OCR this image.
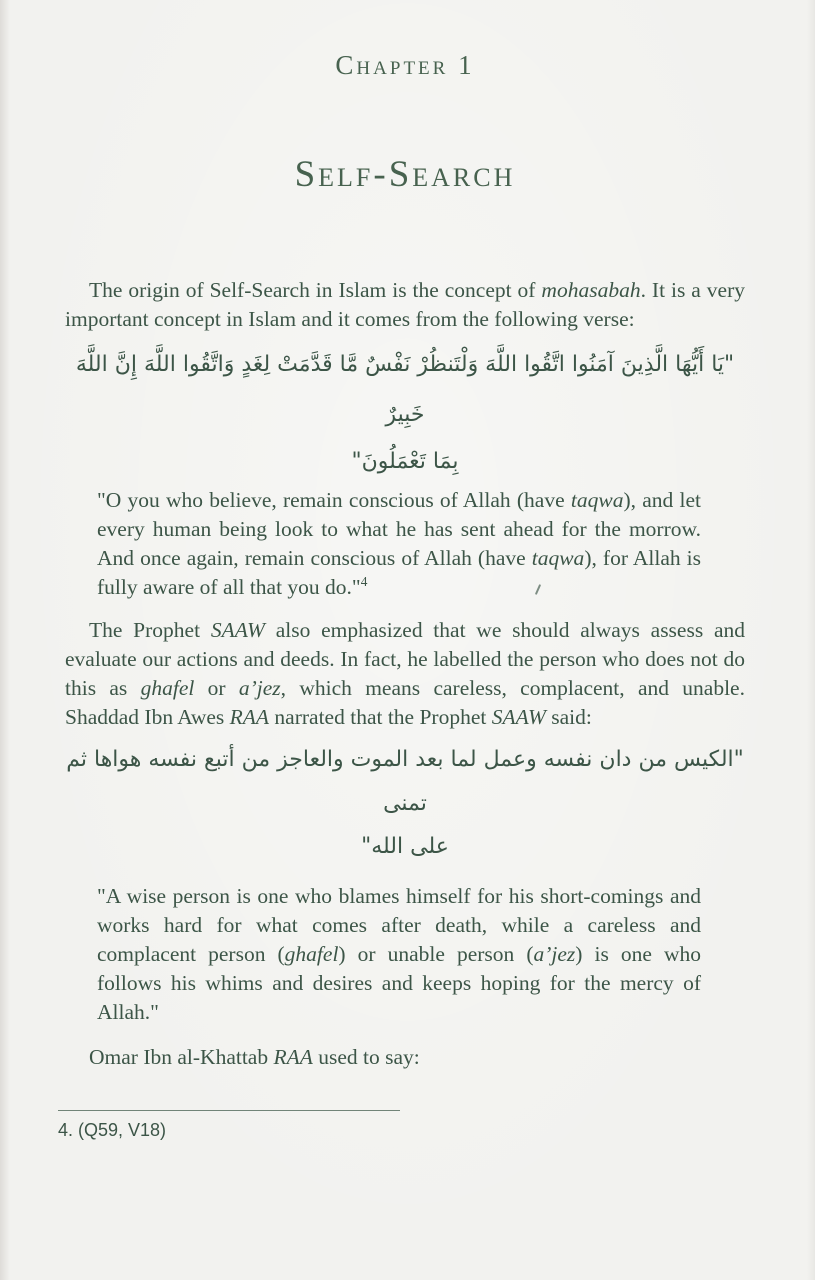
Chapter 1
Self-Search

The origin of Self-Search in Islam is the concept of mohasabah. It is a very important concept in Islam and it comes from the following verse:

"يَا أَيُّهَا الَّذِينَ آمَنُوا اتَّقُوا اللَّهَ وَلْتَنظُرْ نَفْسٌ مَّا قَدَّمَتْ لِغَدٍ وَاتَّقُوا اللَّهَ إِنَّ اللَّهَ خَبِيرٌ
بِمَا تَعْمَلُونَ"
"O you who believe, remain conscious of Allah (have taqwa), and let every human being look to what he has sent ahead for the morrow. And once again, remain conscious of Allah (have taqwa), for Allah is fully aware of all that you do."$^4$

The Prophet SAAW also emphasized that we should always assess and evaluate our actions and deeds. In fact, he labelled the person who does not do this as ghafel or a’jez, which means careless, complacent, and unable. Shaddad Ibn Awes RAA narrated that the Prophet SAAW said:

"الكيس من دان نفسه وعمل لما بعد الموت والعاجز من أتبع نفسه هواها ثم تمنى
على الله"
"A wise person is one who blames himself for his short-comings and works hard for what comes after death, while a careless and complacent person (ghafel) or unable person (a’jez) is one who follows his whims and desires and keeps hoping for the mercy of Allah."

Omar Ibn al-Khattab RAA used to say:

4. (Q59, V18)
